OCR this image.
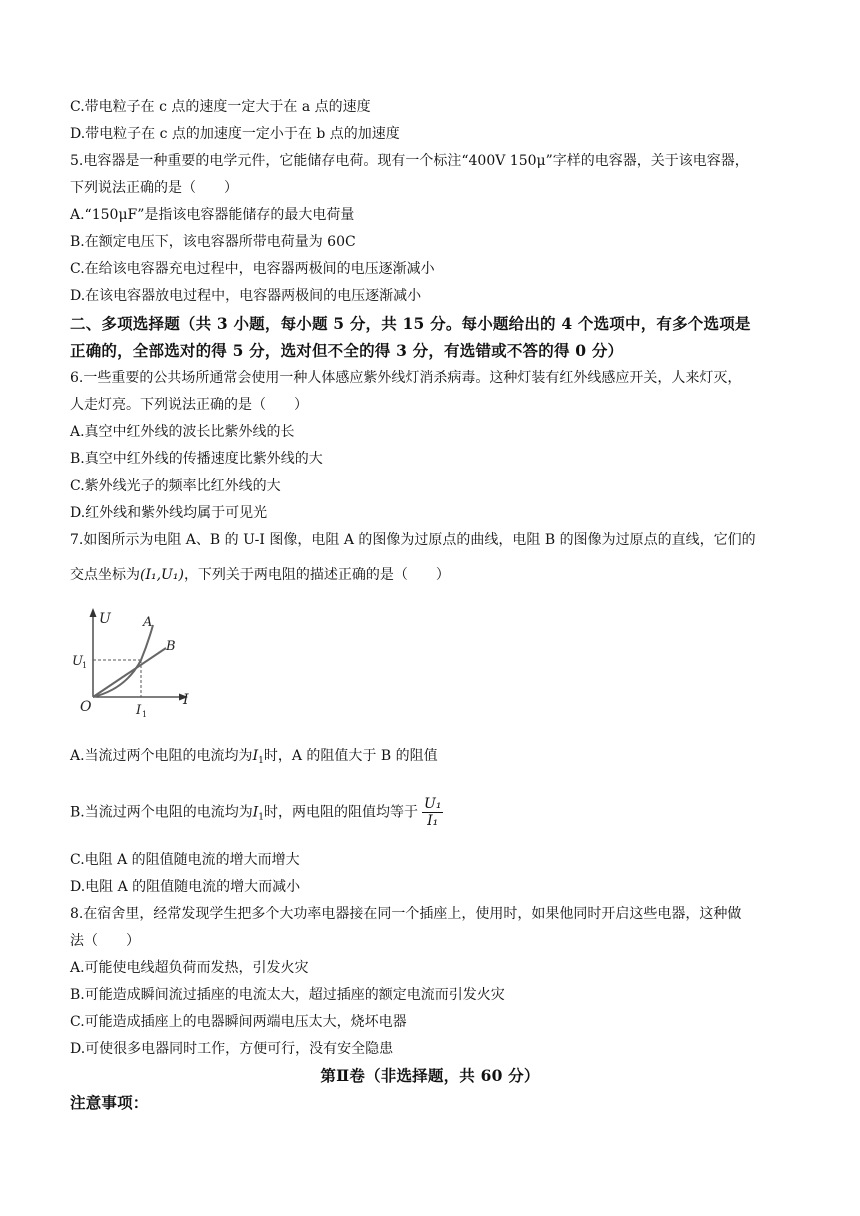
C.带电粒子在 c 点的速度一定大于在 a 点的速度
D.带电粒子在 c 点的加速度一定小于在 b 点的加速度
5.电容器是一种重要的电学元件，它能储存电荷。现有一个标注“400V 150μ”字样的电容器，关于该电容器，
下列说法正确的是（　　）
A.“150μF”是指该电容器能储存的最大电荷量
B.在额定电压下，该电容器所带电荷量为 60C
C.在给该电容器充电过程中，电容器两极间的电压逐渐减小
D.在该电容器放电过程中，电容器两极间的电压逐渐减小
二、多项选择题（共 3 小题，每小题 5 分，共 15 分。每小题给出的 4 个选项中，有多个选项是
正确的，全部选对的得 5 分，选对但不全的得 3 分，有选错或不答的得 0 分）
6.一些重要的公共场所通常会使用一种人体感应紫外线灯消杀病毒。这种灯装有红外线感应开关，人来灯灭，
人走灯亮。下列说法正确的是（　　）
A.真空中红外线的波长比紫外线的长
B.真空中红外线的传播速度比紫外线的大
C.紫外线光子的频率比红外线的大
D.红外线和紫外线均属于可见光
7.如图所示为电阻 A、B 的 U-I 图像，电阻 A 的图像为过原点的曲线，电阻 B 的图像为过原点的直线，它们的
交点坐标为(I₁,U₁)，下列关于两电阻的描述正确的是（　　）
U
I
O
A
B
U 1
I 1
A.当流过两个电阻的电流均为$I_1$时，A 的阻值大于 B 的阻值
B.当流过两个电阻的电流均为$I_1$时，两电阻的阻值均等于 $\frac{\text{U₁}}{\text{I₁}}$
C.电阻 A 的阻值随电流的增大而增大
D.电阻 A 的阻值随电流的增大而减小
8.在宿舍里，经常发现学生把多个大功率电器接在同一个插座上，使用时，如果他同时开启这些电器，这种做
法（　　）
A.可能使电线超负荷而发热，引发火灾
B.可能造成瞬间流过插座的电流太大，超过插座的额定电流而引发火灾
C.可能造成插座上的电器瞬间两端电压太大，烧坏电器
D.可使很多电器同时工作，方便可行，没有安全隐患
第Ⅱ卷（非选择题，共 60 分）
注意事项：
